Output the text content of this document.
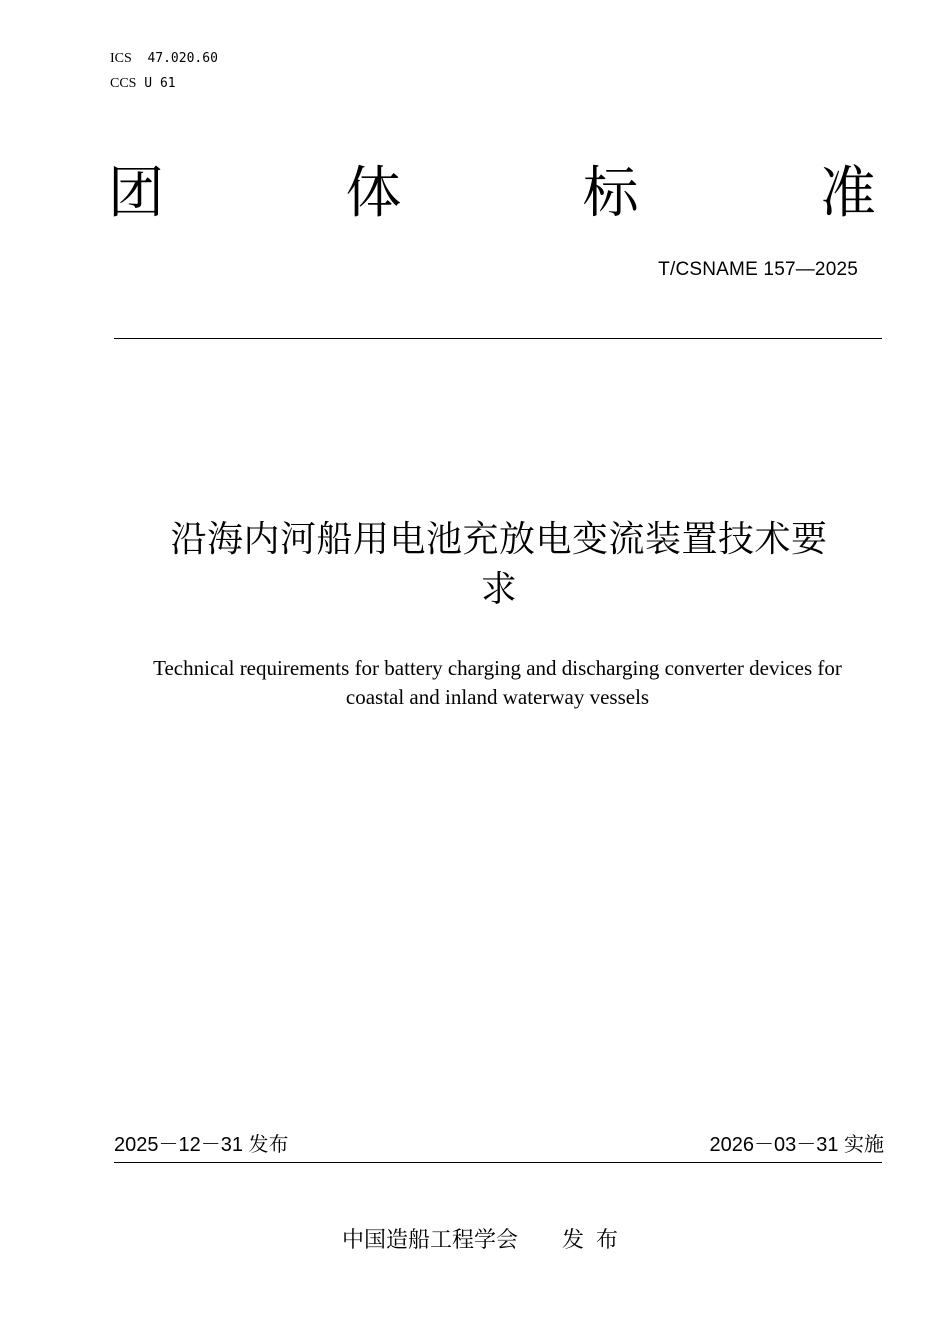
ICS 47.020.60
CCS U 61
团	体	标	准
T/CSNAME 157—2025
沿海内河船用电池充放电变流装置技术要
求
Technical requirements for battery charging and discharging converter devices for
coastal and inland waterway vessels
2025－12－31 发布	2026－03－31 实施
中国造船工程学会 发布
